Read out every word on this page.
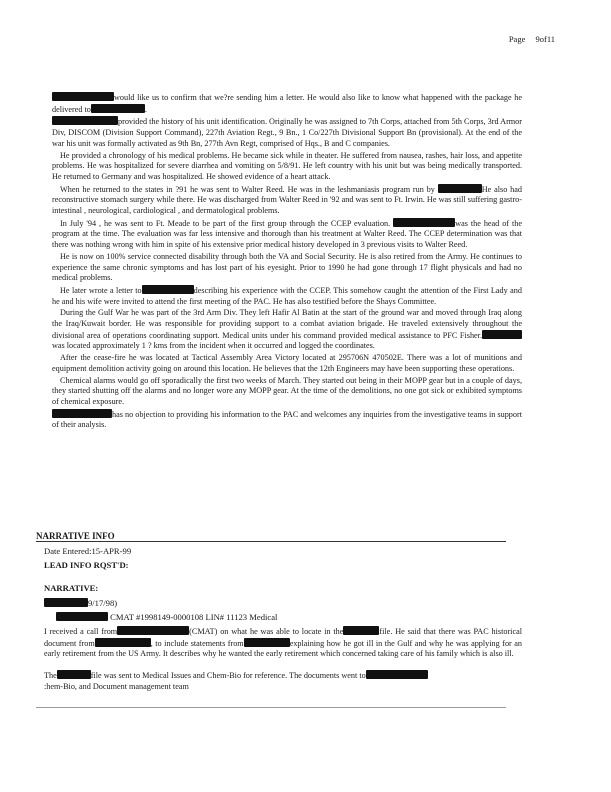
Page 9of11

would like us to confirm that we?re sending him a letter. He would also like to know what happened with the package he delivered to	.

provided the history of his unit identification. Originally he was assigned to 7th Corps, attached from 5th Corps, 3rd Armor Div, DISCOM (Division Support Command), 227th Aviation Regt., 9 Bn., 1 Co/227th Divisional Support Bn (provisional). At the end of the war his unit was formally activated as 9th Bn, 277th Avn Regt, comprised of Hqs., B and C companies.

He provided a chronology of his medical problems. He became sick while in theater. He suffered from nausea, rashes, hair loss, and appetite problems. He was hospitalized for severe diarrhea and vomiting on 5/8/91. He left country with his unit but was being medically transported. He returned to Germany and was hospitalized. He showed evidence of a heart attack.

When he returned to the states in ?91 he was sent to Walter Reed. He was in the leshmaniasis program run by	He also had reconstructive stomach surgery while there. He was discharged from Walter Reed in '92 and was sent to Ft. Irwin. He was still suffering gastro-intestinal , neurological, cardiological , and dermatological problems.

In July '94 , he was sent to Ft. Meade to be part of the first group through the CCEP evaluation.	was the head of the program at the time. The evaluation was far less intensive and thorough than his treatment at Walter Reed. The CCEP determination was that there was nothing wrong with him in spite of his extensive prior medical history developed in 3 previous visits to Walter Reed.

He is now on 100% service connected disability through both the VA and Social Security. He is also retired from the Army. He continues to experience the same chronic symptoms and has lost part of his eyesight. Prior to 1990 he had gone through 17 flight physicals and had no medical problems.

He later wrote a letter to	describing his experience with the CCEP. This somehow caught the attention of the First Lady and he and his wife were invited to attend the first meeting of the PAC. He has also testified before the Shays Committee.

During the Gulf War he was part of the 3rd Arm Div. They left Hafir Al Batin at the start of the ground war and moved through Iraq along the Iraq/Kuwait border. He was responsible for providing support to a combat aviation brigade. He traveled extensively throughout the divisional area of operations coordinating support. Medical units under his command provided medical assistance to PFC Fisher. was located approximately 1 ? kms from the incident when it occurred and logged the coordinates.

After the cease-fire he was located at Tactical Assembly Area Victory located at 295706N 470502E. There was a lot of munitions and equipment demolition activity going on around this location. He believes that the 12th Engineers may have been supporting these operations.

Chemical alarms would go off sporadically the first two weeks of March. They started out being in their MOPP gear but in a couple of days, they started shutting off the alarms and no longer wore any MOPP gear. At the time of the demolitions, no one got sick or exhibited symptoms of chemical exposure.

has no objection to providing his information to the PAC and welcomes any inquiries from the investigative teams in support of their analysis.

NARRATIVE INFO
Date Entered:15-APR-99
LEAD INFO RQST'D:
NARRATIVE:
9/17/98)
CMAT #1998149-0000108 LIN# 11123 Medical

I received a call from	(CMAT) on what he was able to locate in the	file. He said that there was PAC historical document from	, to include statements from	explaining how he got ill in the Gulf and why he was applying for an early retirement from the US Army. It describes why he wanted the early retirement which concerned taking care of his family which is also ill.

The	file was sent to Medical Issues and Chem-Bio for reference. The documents went to
:hem-Bio, and Document management team
